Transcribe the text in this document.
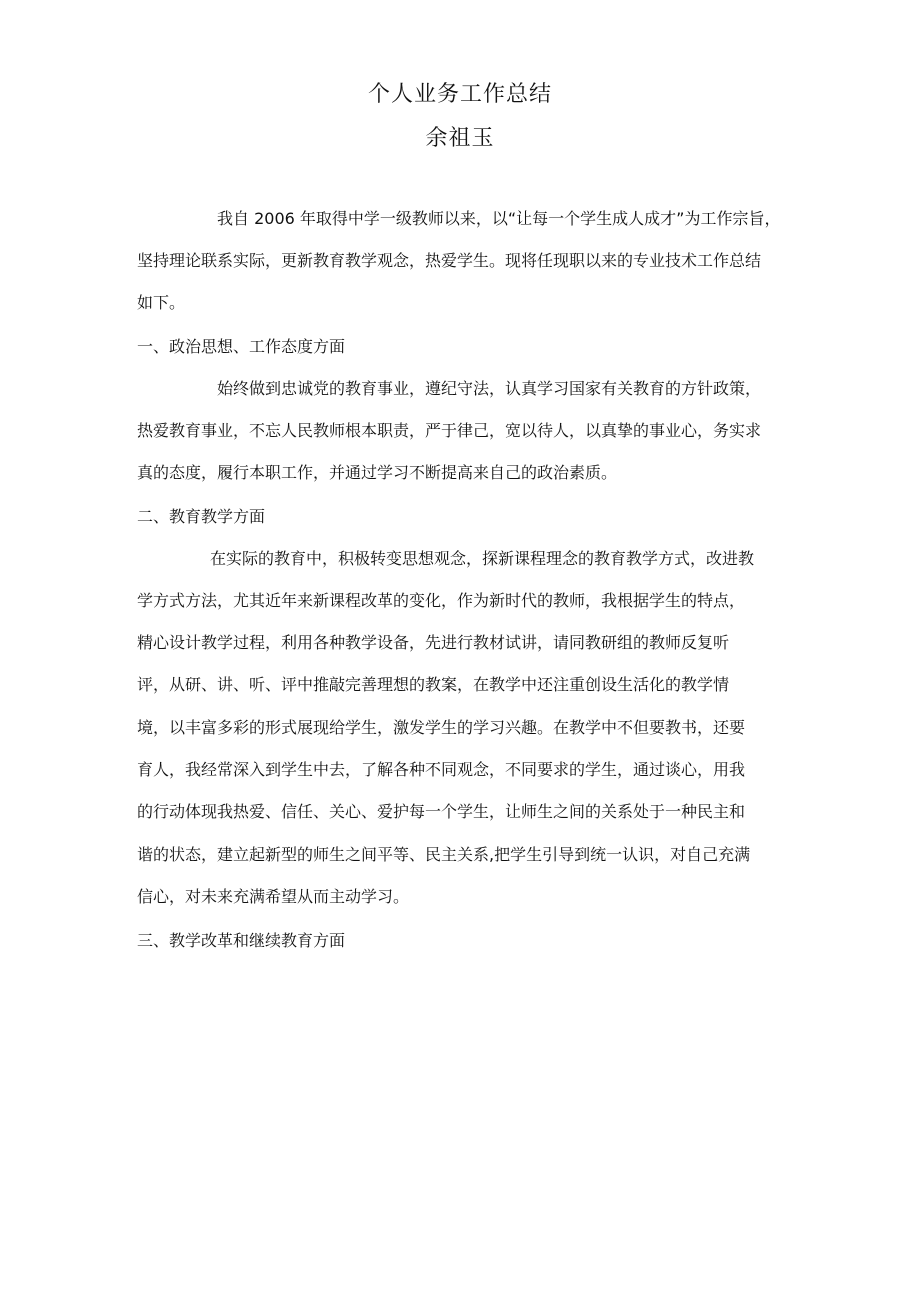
个人业务工作总结
余祖玉
我自 2006 年取得中学一级教师以来，以“让每一个学生成人成才”为工作宗旨，
坚持理论联系实际，更新教育教学观念，热爱学生。现将任现职以来的专业技术工作总结
如下。
一、政治思想、工作态度方面
始终做到忠诚党的教育事业，遵纪守法，认真学习国家有关教育的方针政策，
热爱教育事业，不忘人民教师根本职责，严于律己，宽以待人，以真挚的事业心，务实求
真的态度，履行本职工作，并通过学习不断提高来自己的政治素质。
二、教育教学方面
在实际的教育中，积极转变思想观念，探新课程理念的教育教学方式，改进教
学方式方法，尤其近年来新课程改革的变化，作为新时代的教师，我根据学生的特点，
精心设计教学过程，利用各种教学设备，先进行教材试讲，请同教研组的教师反复听
评，从研、讲、听、评中推敲完善理想的教案，在教学中还注重创设生活化的教学情
境，以丰富多彩的形式展现给学生，激发学生的学习兴趣。在教学中不但要教书，还要
育人，我经常深入到学生中去，了解各种不同观念，不同要求的学生，通过谈心，用我
的行动体现我热爱、信任、关心、爱护每一个学生，让师生之间的关系处于一种民主和
谐的状态，建立起新型的师生之间平等、民主关系,把学生引导到统一认识，对自己充满
信心，对未来充满希望从而主动学习。
三、教学改革和继续教育方面
